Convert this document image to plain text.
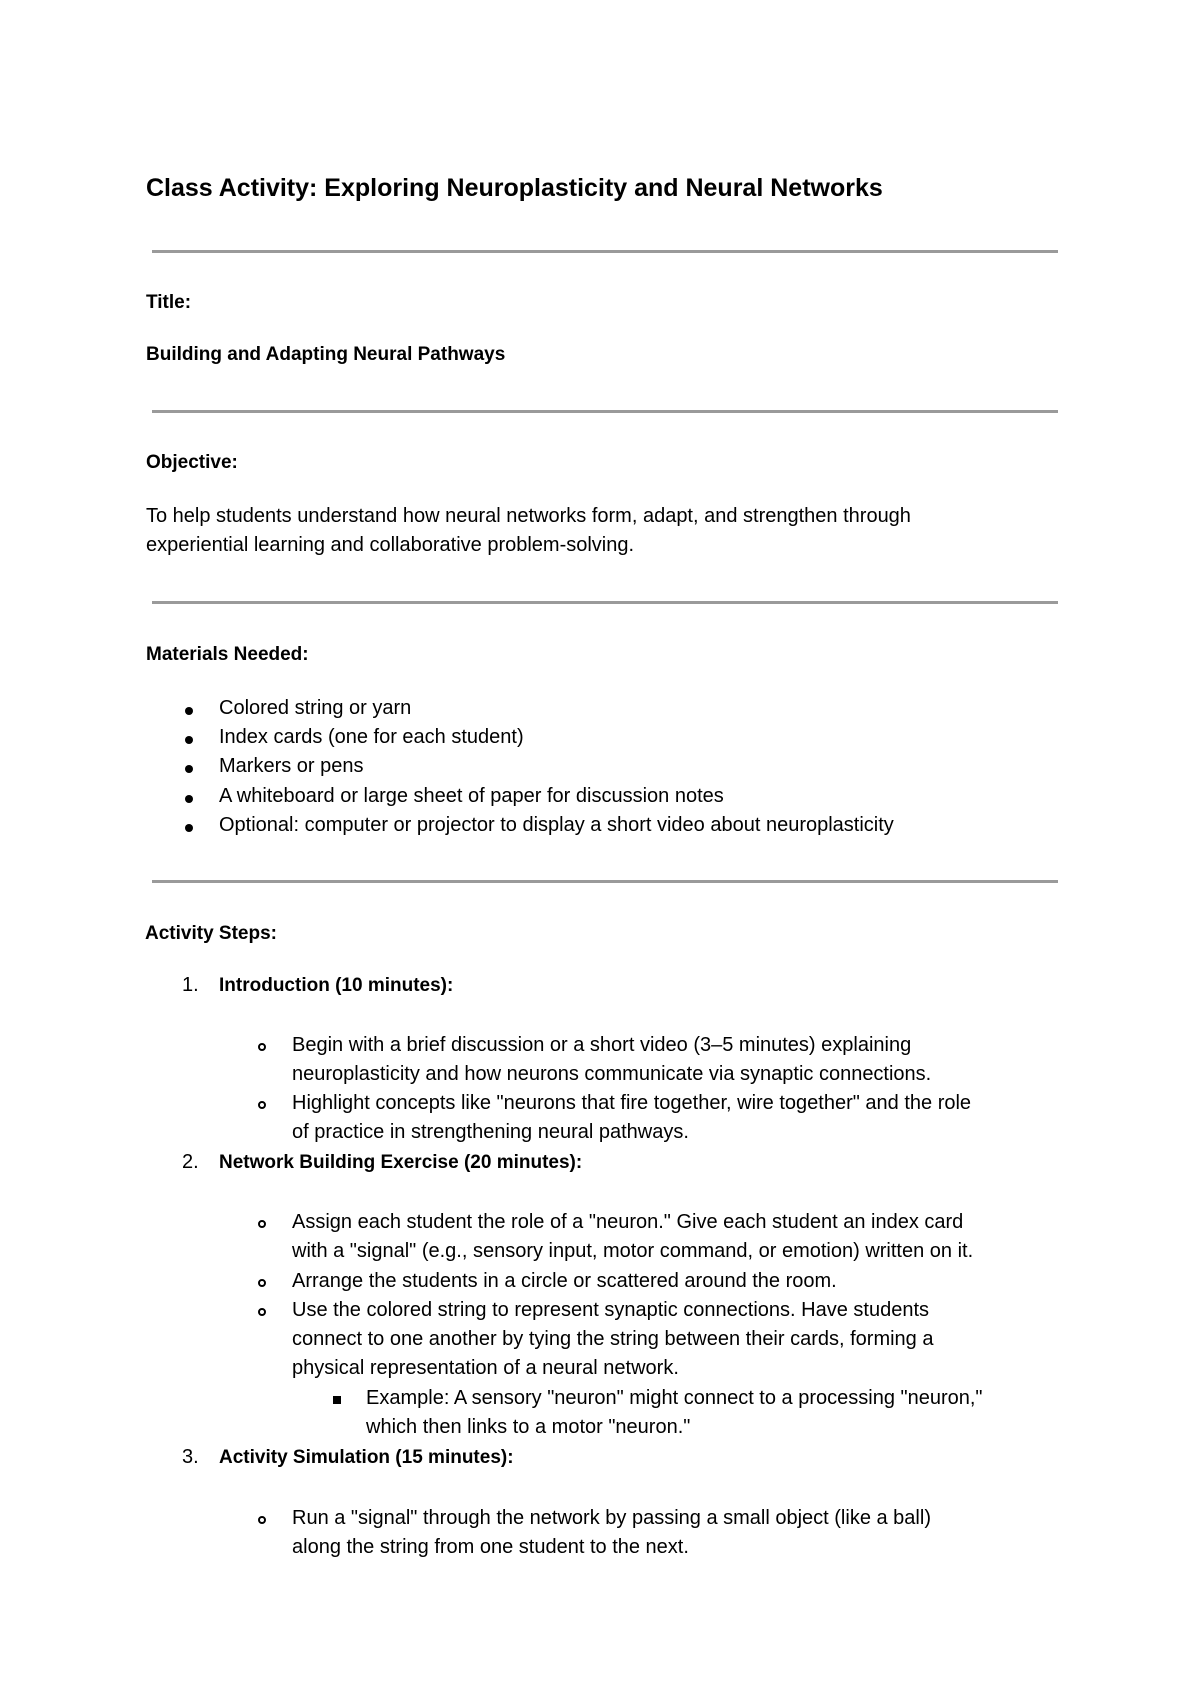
Class Activity: Exploring Neuroplasticity and Neural Networks
Title:
Building and Adapting Neural Pathways
Objective:
To help students understand how neural networks form, adapt, and strengthen through
experiential learning and collaborative problem-solving.
Materials Needed:
Colored string or yarn
Index cards (one for each student)
Markers or pens
A whiteboard or large sheet of paper for discussion notes
Optional: computer or projector to display a short video about neuroplasticity
Activity Steps:
1. Introduction (10 minutes):
Begin with a brief discussion or a short video (3–5 minutes) explaining
neuroplasticity and how neurons communicate via synaptic connections.
Highlight concepts like "neurons that fire together, wire together" and the role
of practice in strengthening neural pathways.
2. Network Building Exercise (20 minutes):
Assign each student the role of a "neuron." Give each student an index card
with a "signal" (e.g., sensory input, motor command, or emotion) written on it.
Arrange the students in a circle or scattered around the room.
Use the colored string to represent synaptic connections. Have students
connect to one another by tying the string between their cards, forming a
physical representation of a neural network.
Example: A sensory "neuron" might connect to a processing "neuron,"
which then links to a motor "neuron."
3. Activity Simulation (15 minutes):
Run a "signal" through the network by passing a small object (like a ball)
along the string from one student to the next.
